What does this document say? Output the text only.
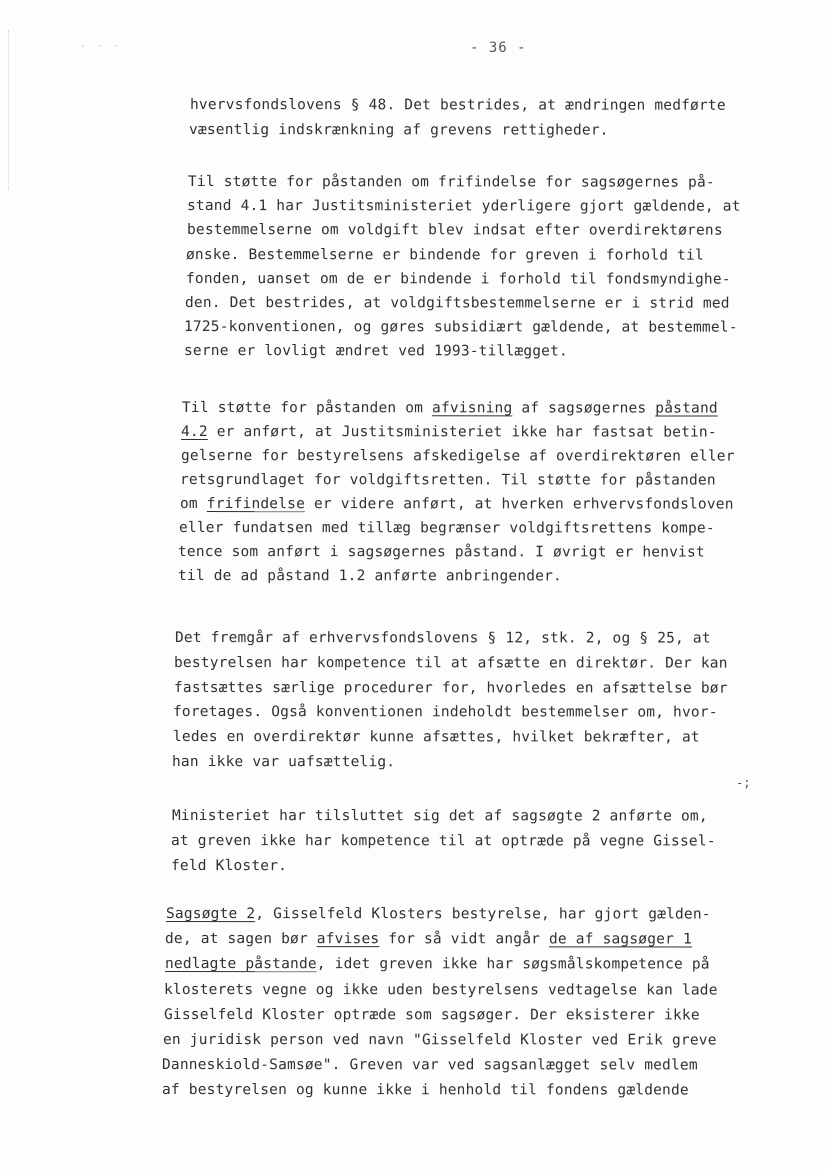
· · ·	- 36 -
hvervsfondslovens § 48. Det bestrides, at ændringen medførte
væsentlig indskrænkning af grevens rettigheder.
Til støtte for påstanden om frifindelse for sagsøgernes på-
stand 4.1 har Justitsministeriet yderligere gjort gældende, at
bestemmelserne om voldgift blev indsat efter overdirektørens
ønske. Bestemmelserne er bindende for greven i forhold til
fonden, uanset om de er bindende i forhold til fondsmyndighe-
den. Det bestrides, at voldgiftsbestemmelserne er i strid med
1725-konventionen, og gøres subsidiært gældende, at bestemmel-
serne er lovligt ændret ved 1993-tillægget.
Til støtte for påstanden om afvisning af sagsøgernes påstand
4.2 er anført, at Justitsministeriet ikke har fastsat betin-
gelserne for bestyrelsens afskedigelse af overdirektøren eller
retsgrundlaget for voldgiftsretten. Til støtte for påstanden
om frifindelse er videre anført, at hverken erhvervsfondsloven
eller fundatsen med tillæg begrænser voldgiftsrettens kompe-
tence som anført i sagsøgernes påstand. I øvrigt er henvist
til de ad påstand 1.2 anførte anbringender.
Det fremgår af erhvervsfondslovens § 12, stk. 2, og § 25, at
bestyrelsen har kompetence til at afsætte en direktør. Der kan
fastsættes særlige procedurer for, hvorledes en afsættelse bør
foretages. Også konventionen indeholdt bestemmelser om, hvor-
ledes en overdirektør kunne afsættes, hvilket bekræfter, at
han ikke var uafsættelig.
Ministeriet har tilsluttet sig det af sagsøgte 2 anførte om,
at greven ikke har kompetence til at optræde på vegne Gissel-
feld Kloster.
Sagsøgte 2, Gisselfeld Klosters bestyrelse, har gjort gælden-
de, at sagen bør afvises for så vidt angår de af sagsøger 1
nedlagte påstande, idet greven ikke har søgsmålskompetence på
klosterets vegne og ikke uden bestyrelsens vedtagelse kan lade
Gisselfeld Kloster optræde som sagsøger. Der eksisterer ikke
en juridisk person ved navn "Gisselfeld Kloster ved Erik greve
Danneskiold-Samsøe". Greven var ved sagsanlægget selv medlem
af bestyrelsen og kunne ikke i henhold til fondens gældende
-;
